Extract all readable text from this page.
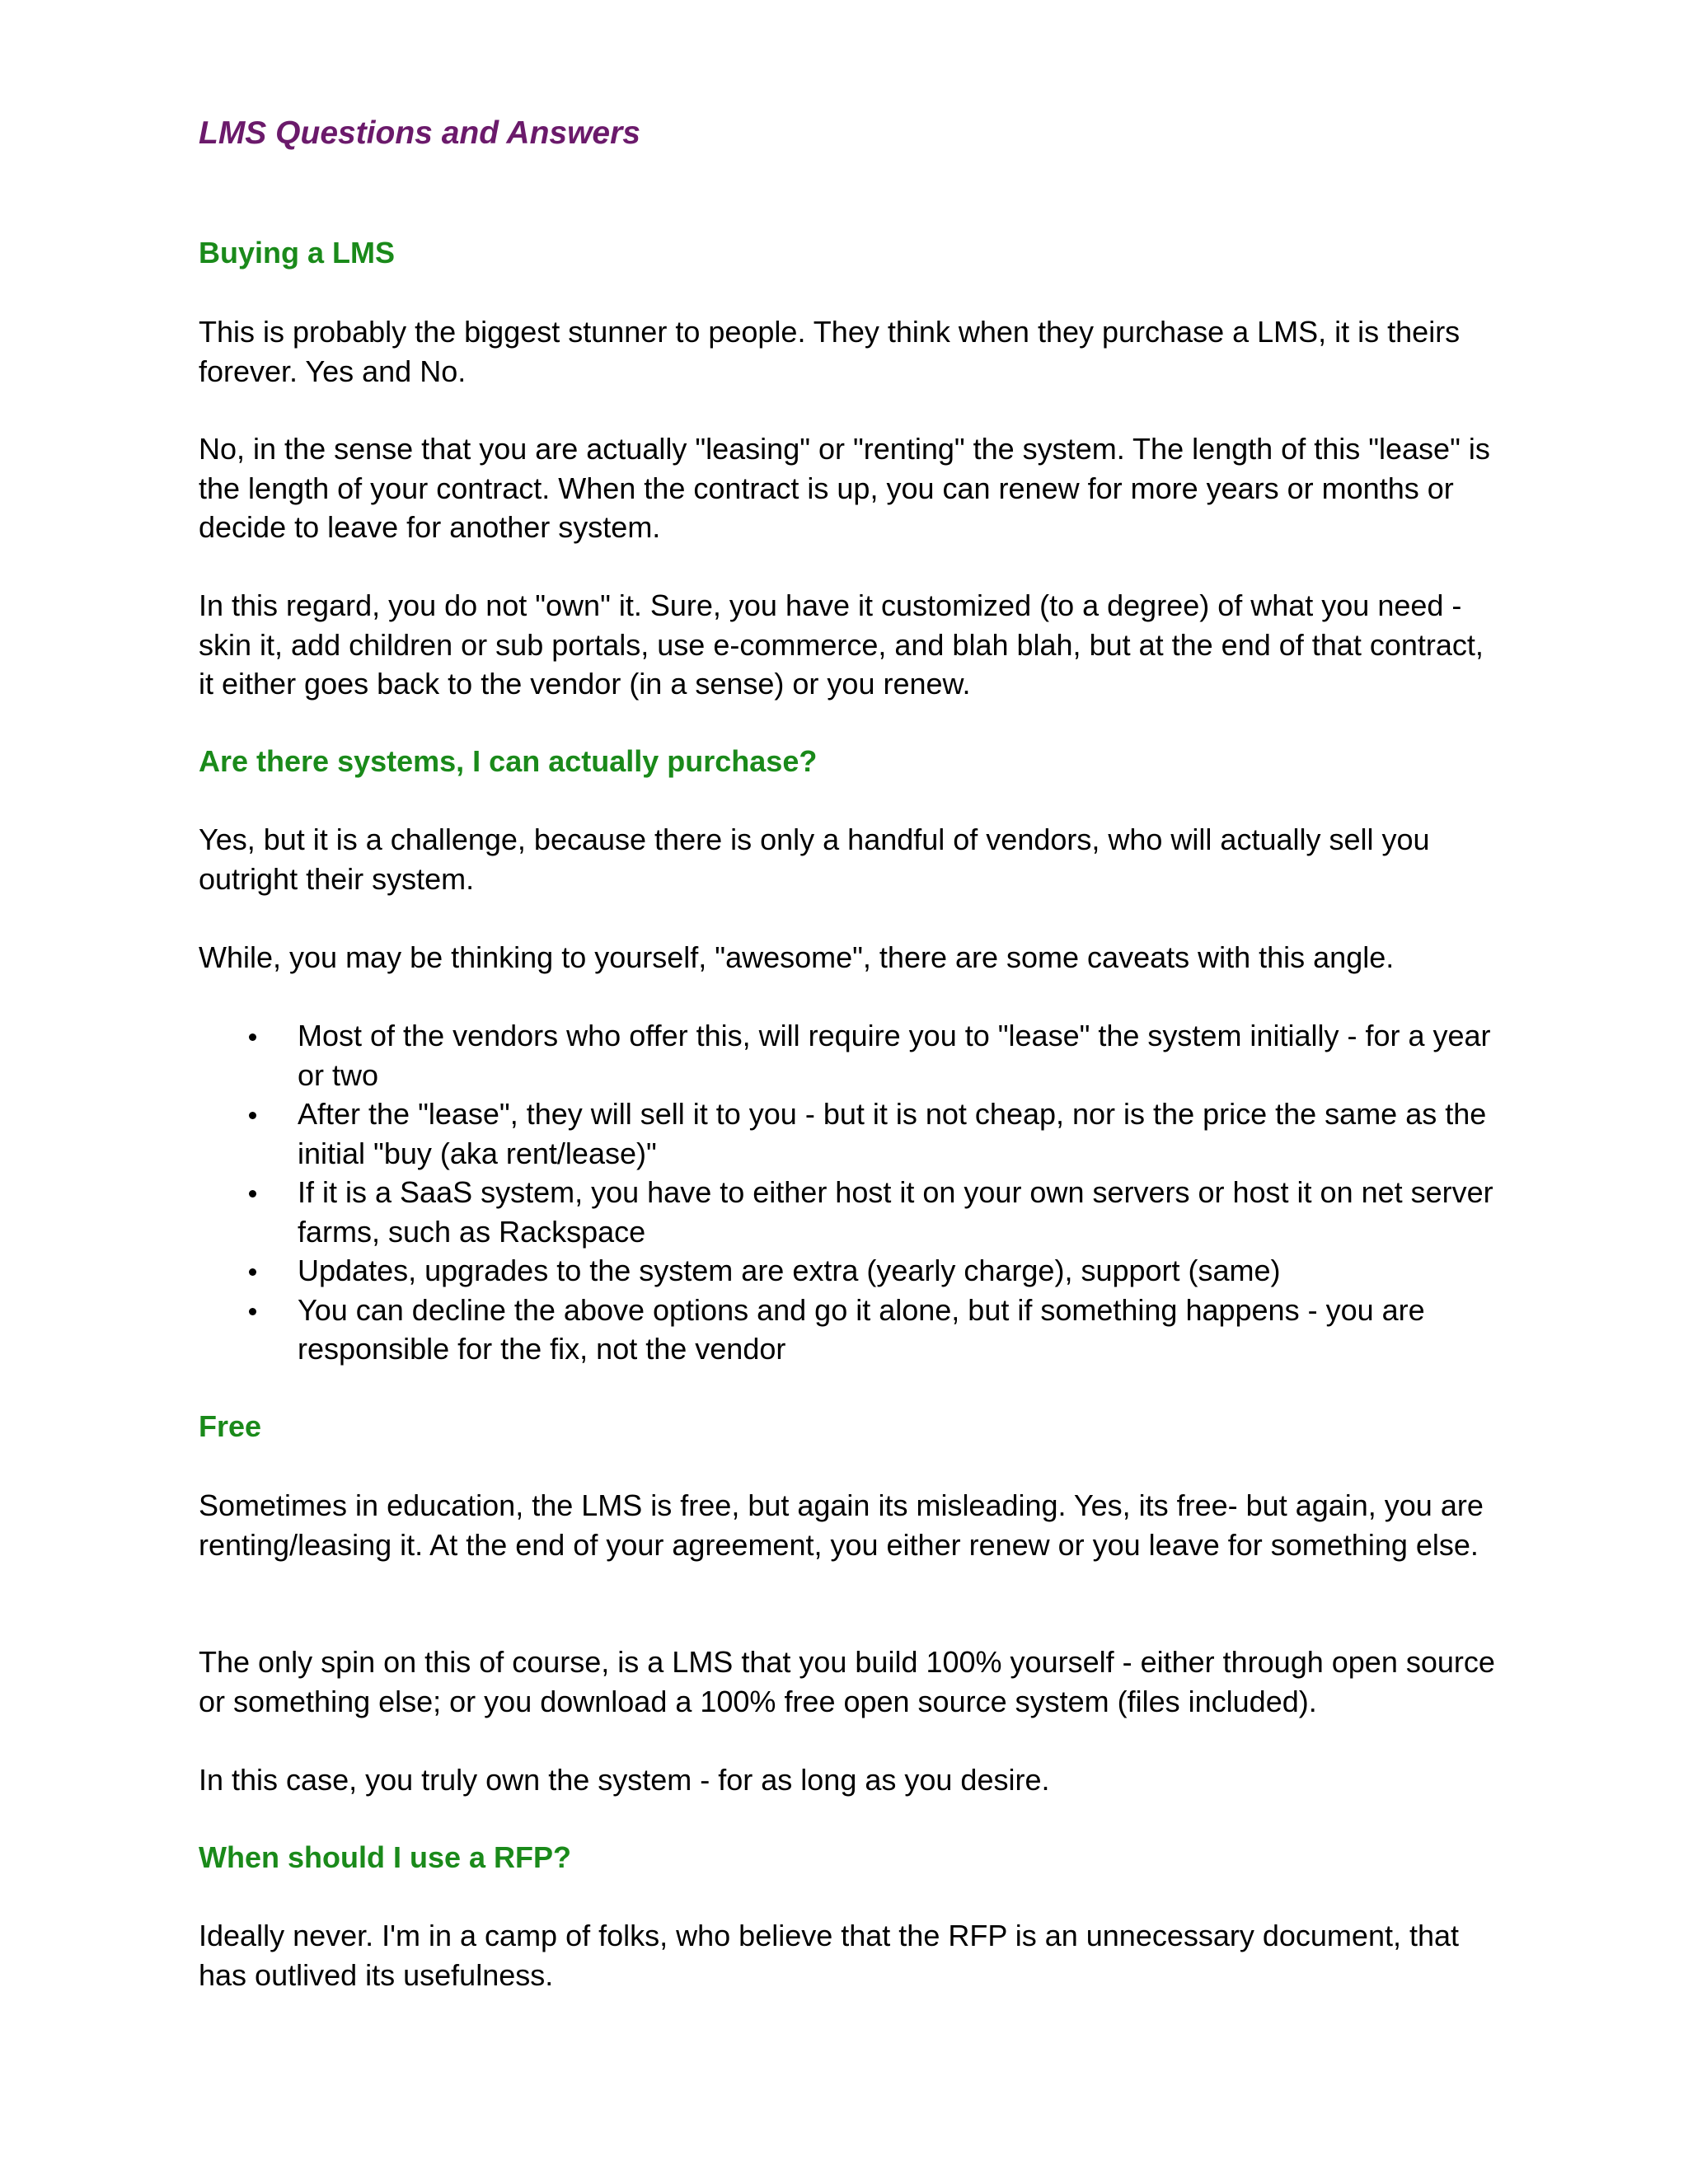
LMS Questions and Answers
Buying a LMS

This is probably the biggest stunner to people. They think when they purchase a LMS, it is theirs forever. Yes and No.

No, in the sense that you are actually "leasing" or "renting" the system. The length of this "lease" is the length of your contract. When the contract is up, you can renew for more years or months or decide to leave for another system.

In this regard, you do not "own" it. Sure, you have it customized (to a degree) of what you need - skin it, add children or sub portals, use e-commerce, and blah blah, but at the end of that contract, it either goes back to the vendor (in a sense) or you renew.

Are there systems, I can actually purchase?

Yes, but it is a challenge, because there is only a handful of vendors, who will actually sell you outright their system.

While, you may be thinking to yourself, "awesome", there are some caveats with this angle.

Most of the vendors who offer this, will require you to "lease" the system initially - for a year or two
After the "lease", they will sell it to you - but it is not cheap, nor is the price the same as the initial "buy (aka rent/lease)"
If it is a SaaS system, you have to either host it on your own servers or host it on net server farms, such as Rackspace
Updates, upgrades to the system are extra (yearly charge), support (same)
You can decline the above options and go it alone, but if something happens - you are responsible for the fix, not the vendor
Free

Sometimes in education, the LMS is free, but again its misleading. Yes, its free- but again, you are renting/leasing it. At the end of your agreement, you either renew or you leave for something else.

The only spin on this of course, is a LMS that you build 100% yourself - either through open source or something else; or you download a 100% free open source system (files included).

In this case, you truly own the system - for as long as you desire.

When should I use a RFP?

Ideally never. I'm in a camp of folks, who believe that the RFP is an unnecessary document, that has outlived its usefulness.
